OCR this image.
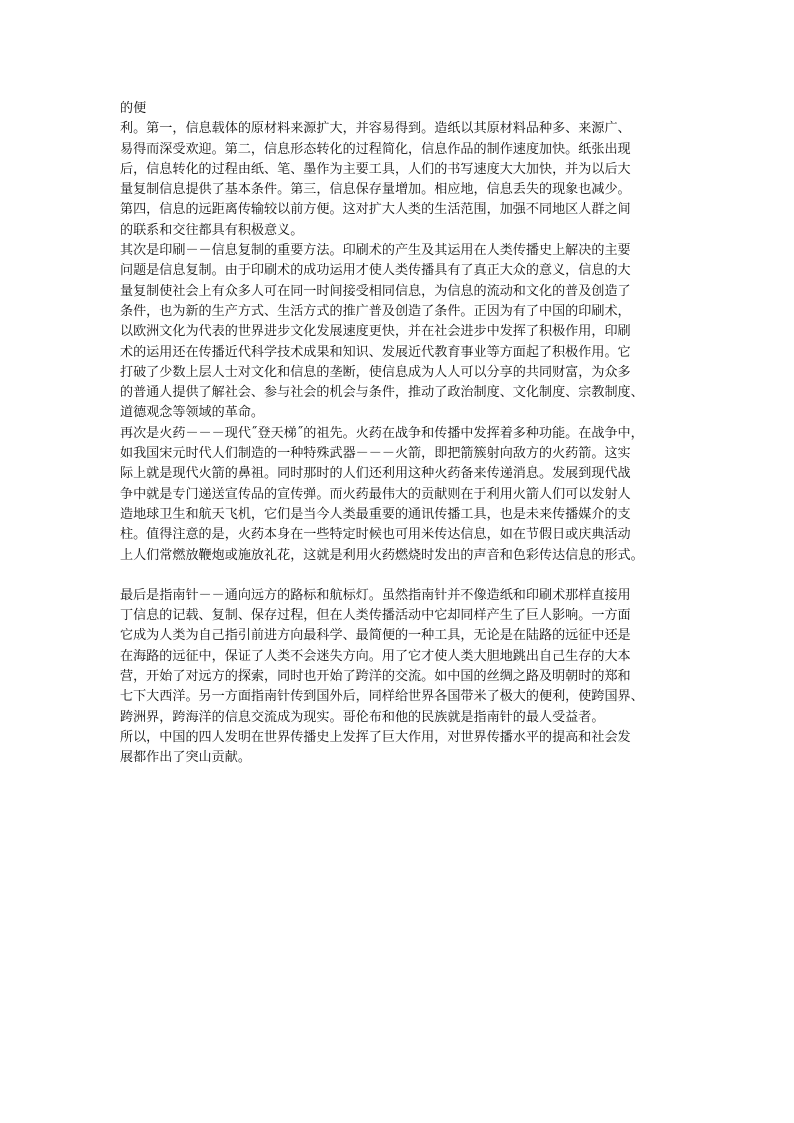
的便
利。第一，信息载体的原材料来源扩大，并容易得到。造纸以其原材料品种多、来源广、
易得而深受欢迎。第二，信息形态转化的过程简化，信息作品的制作速度加快。纸张出现
后，信息转化的过程由纸、笔、墨作为主要工具，人们的书写速度大大加快，并为以后大
量复制信息提供了基本条件。第三，信息保存量增加。相应地，信息丢失的现象也减少。
第四，信息的远距离传输较以前方便。这对扩大人类的生活范围，加强不同地区人群之间
的联系和交往都具有积极意义。

其次是印刷－－信息复制的重要方法。印刷术的产生及其运用在人类传播史上解决的主要
问题是信息复制。由于印刷术的成功运用才使人类传播具有了真正大众的意义，信息的大
量复制使社会上有众多人可在同一时间接受相同信息，为信息的流动和文化的普及创造了
条件，也为新的生产方式、生活方式的推广普及创造了条件。正因为有了中国的印刷术，
以欧洲文化为代表的世界进步文化发展速度更快，并在社会进步中发挥了积极作用，印刷
术的运用还在传播近代科学技术成果和知识、发展近代教育事业等方面起了积极作用。它
打破了少数上层人士对文化和信息的垄断，使信息成为人人可以分享的共同财富，为众多
的普通人提供了解社会、参与社会的机会与条件，推动了政治制度、文化制度、宗教制度、
道德观念等领域的革命。

再次是火药－－－现代˝登天梯˝的祖先。火药在战争和传播中发挥着多种功能。在战争中，
如我国宋元时代人们制造的一种特殊武器－－－火箭，即把箭簇射向敌方的火药箭。这实
际上就是现代火箭的鼻祖。同时那时的人们还利用这种火药备来传递消息。发展到现代战
争中就是专门递送宣传品的宣传弹。而火药最伟大的贡献则在于利用火箭人们可以发射人
造地球卫生和航天飞机，它们是当今人类最重要的通讯传播工具，也是未来传播媒介的支
柱。值得注意的是，火药本身在一些特定时候也可用米传达信息，如在节假日或庆典活动
上人们常燃放鞭炮或施放礼花，这就是利用火药燃烧时发出的声音和色彩传达信息的形式。

最后是指南针－－通向远方的路标和航标灯。虽然指南针并不像造纸和印刷术那样直接用
丁信息的记载、复制、保存过程，但在人类传播活动中它却同样产生了巨人影响。一方面
它成为人类为自己指引前进方向最科学、最简便的一种工具，无论是在陆路的远征中还是
在海路的远征中，保证了人类不会迷失方向。用了它才使人类大胆地跳出自己生存的大本
营，开始了对远方的探索，同时也开始了跨洋的交流。如中国的丝绸之路及明朝时的郑和
七下大西洋。另一方面指南针传到国外后，同样给世界各国带米了极大的便利，使跨国界、
跨洲界，跨海洋的信息交流成为现实。哥伦布和他的民族就是指南针的最人受益者。

所以，中国的四人发明在世界传播史上发挥了巨大作用，对世界传播水平的提高和社会发
展都作出了突山贡献。
